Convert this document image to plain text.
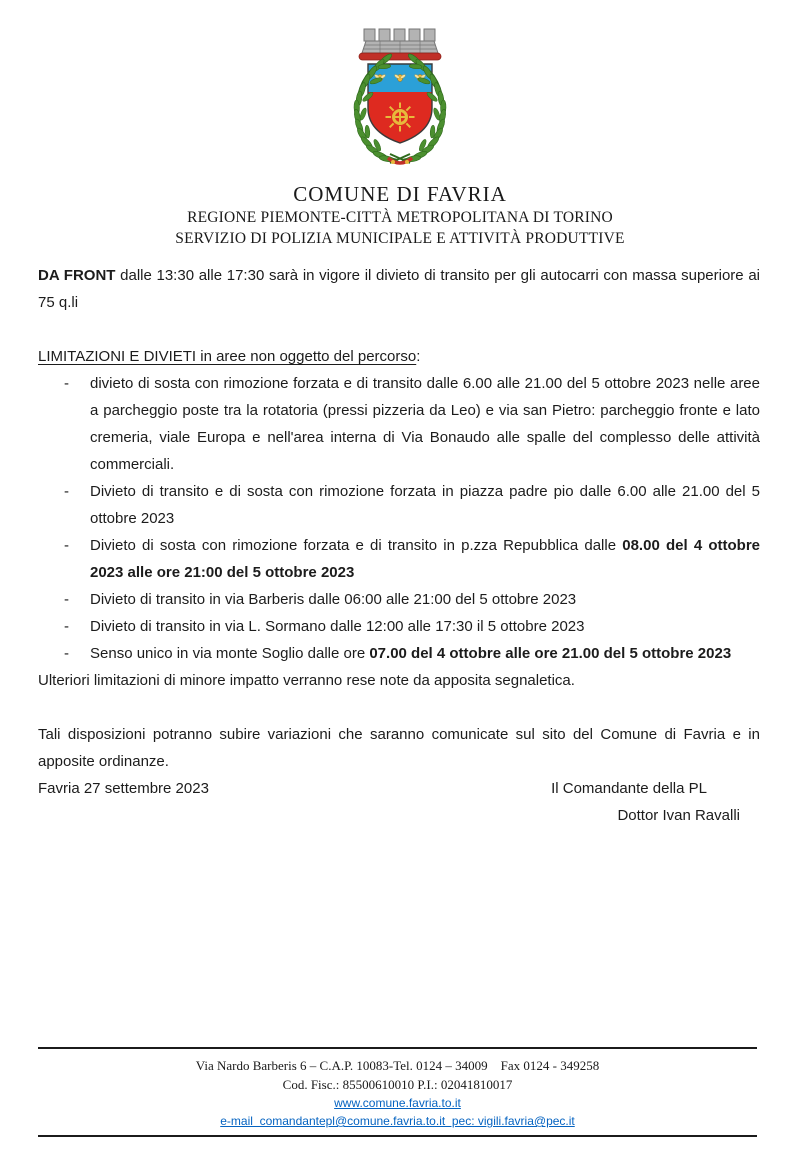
COMUNE DI FAVRIA
REGIONE PIEMONTE-CITTÀ METROPOLITANA DI TORINO
SERVIZIO DI POLIZIA MUNICIPALE E ATTIVITÀ PRODUTTIVE

DA FRONT dalle 13:30 alle 17:30 sarà in vigore il divieto di transito per gli autocarri con massa superiore ai 75 q.li

LIMITAZIONI E DIVIETI in aree non oggetto del percorso:

-	divieto di sosta con rimozione forzata e di transito dalle 6.00 alle 21.00 del 5 ottobre 2023 nelle aree a parcheggio poste tra la rotatoria (pressi pizzeria da Leo) e via san Pietro: parcheggio fronte e lato cremeria, viale Europa e nell'area interna di Via Bonaudo alle spalle del complesso delle attività commerciali.
-	Divieto di transito e di sosta con rimozione forzata in piazza padre pio dalle 6.00 alle 21.00 del 5 ottobre 2023
-	Divieto di sosta con rimozione forzata e di transito in p.zza Repubblica dalle 08.00 del 4 ottobre 2023 alle ore 21:00 del 5 ottobre 2023
-	Divieto di transito in via Barberis dalle 06:00 alle 21:00 del 5 ottobre 2023
-	Divieto di transito in via L. Sormano dalle 12:00 alle 17:30 il 5 ottobre 2023
-	Senso unico in via monte Soglio dalle ore 07.00 del 4 ottobre alle ore 21.00 del 5 ottobre 2023

Ulteriori limitazioni di minore impatto verranno rese note da apposita segnaletica.

Tali disposizioni potranno subire variazioni che saranno comunicate sul sito del Comune di Favria e in apposite ordinanze.

Favria 27 settembre 2023	Il Comandante della PL
Dottor Ivan Ravalli
Via Nardo Barberis 6 – C.A.P. 10083-Tel. 0124 – 34009    Fax 0124 - 349258
Cod. Fisc.: 85500610010 P.I.: 02041810017
www.comune.favria.to.it
e-mail  comandantepl@comune.favria.to.it  pec: vigili.favria@pec.it
